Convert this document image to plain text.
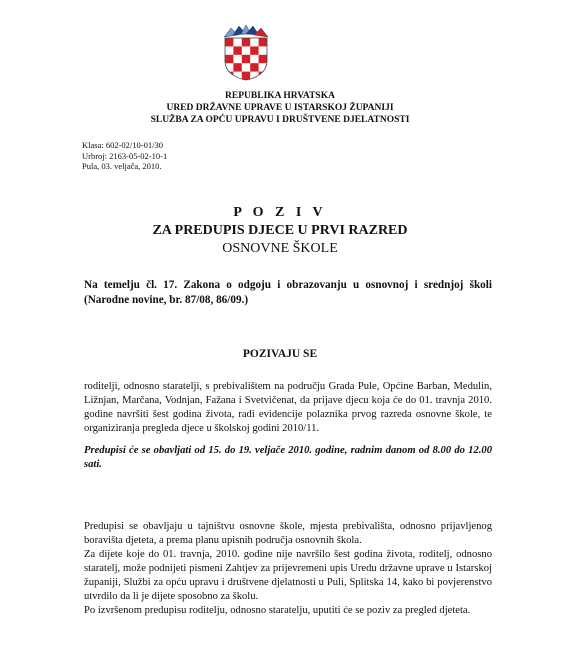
REPUBLIKA HRVATSKA
URED DRŽAVNE UPRAVE U ISTARSKOJ ŽUPANIJI
SLUŽBA ZA OPĆU UPRAVU I DRUŠTVENE DJELATNOSTI
Klasa: 602-02/10-01/30
Urbroj: 2163-05-02-10-1
Pula, 03. veljača, 2010.
P O Z I V
ZA PREDUPIS DJECE U PRVI RAZRED
OSNOVNE ŠKOLE
Na temelju čl. 17. Zakona o odgoju i obrazovanju u osnovnoj i srednjoj školi (Narodne novine, br. 87/08, 86/09.)
POZIVAJU SE
roditelji, odnosno staratelji, s prebivalištem na području Grada Pule, Općine Barban, Medulin, Ližnjan, Marčana, Vodnjan, Fažana i Svetvičenat, da prijave djecu koja će do 01. travnja 2010. godine navršiti šest godina života, radi evidencije polaznika prvog razreda osnovne škole, te organiziranja pregleda djece u školskoj godini 2010/11.
Predupisi će se obavljati od 15. do 19. veljače 2010. godine, radnim danom od 8.00 do 12.00 sati.
Predupisi se obavljaju u tajništvu osnovne škole, mjesta prebivališta, odnosno prijavljenog boravišta djeteta, a prema planu upisnih područja osnovnih škola.
Za dijete koje do 01. travnja, 2010. godine nije navršilo šest godina života, roditelj, odnosno staratelj, može podnijeti pismeni Zahtjev za prijevremeni upis Uredu državne uprave u Istarskoj županiji, Službi za opću upravu i društvene djelatnosti u Puli, Splitska 14, kako bi povjerenstvo utvrdilo da li je dijete sposobno za školu.
Po izvršenom predupisu roditelju, odnosno staratelju, uputiti će se poziv za pregled djeteta.
